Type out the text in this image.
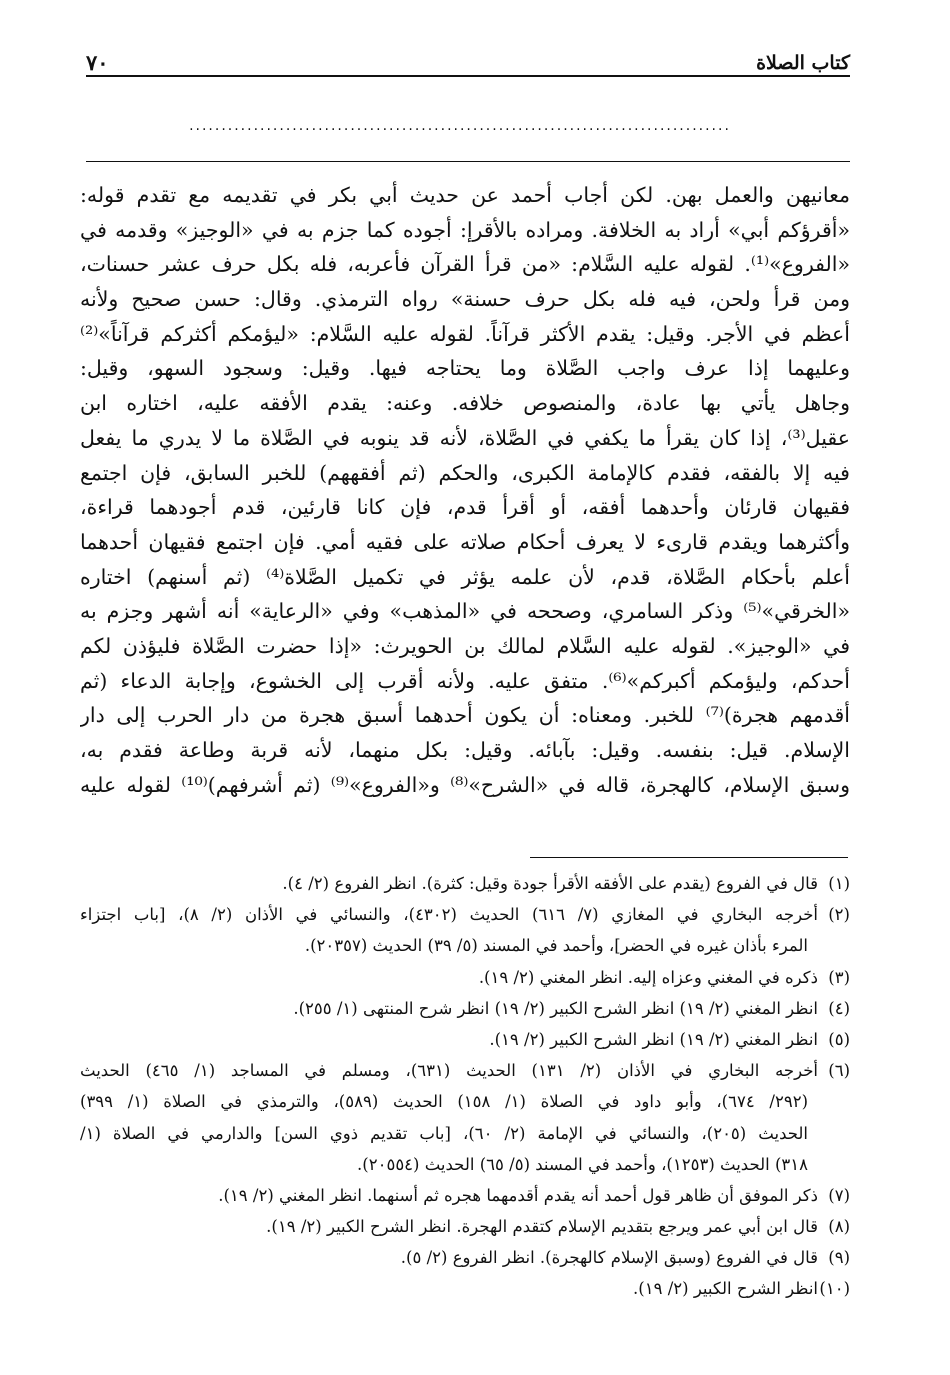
كتاب الصلاة
٧٠
....................................................................................
معانيهن والعمل بهن. لكن أجاب أحمد عن حديث أبي بكر في تقديمه مع تقدم قوله:
«أقرؤكم أبي» أراد به الخلافة. ومراده بالأقرإ: أجوده كما جزم به في «الوجيز» وقدمه في
«الفروع»⁽¹⁾. لقوله عليه السَّلام: «من قرأ القرآن فأعربه، فله بكل حرف عشر حسنات،
ومن قرأ ولحن، فيه فله بكل حرف حسنة» رواه الترمذي. وقال: حسن صحيح ولأنه
أعظم في الأجر. وقيل: يقدم الأكثر قرآناً. لقوله عليه السَّلام: «ليؤمكم أكثركم قرآناً»⁽²⁾
وعليهما إذا عرف واجب الصَّلاة وما يحتاجه فيها. وقيل: وسجود السهو، وقيل:
وجاهل يأتي بها عادة، والمنصوص خلافه. وعنه: يقدم الأفقه عليه، اختاره ابن
عقيل⁽³⁾، إذا كان يقرأ ما يكفي في الصَّلاة، لأنه قد ينوبه في الصَّلاة ما لا يدري ما يفعل
فيه إلا بالفقه، فقدم كالإمامة الكبرى، والحكم (ثم أفقههم) للخبر السابق، فإن اجتمع
فقيهان قارئان وأحدهما أفقه، أو أقرأ قدم، فإن كانا قارئين، قدم أجودهما قراءة،
وأكثرهما ويقدم قارىء لا يعرف أحكام صلاته على فقيه أمي. فإن اجتمع فقيهان أحدهما
أعلم بأحكام الصَّلاة، قدم، لأن علمه يؤثر في تكميل الصَّلاة⁽⁴⁾ (ثم أسنهم) اختاره
«الخرقي»⁽⁵⁾ وذكر السامري، وصححه في «المذهب» وفي «الرعاية» أنه أشهر وجزم به
في «الوجيز». لقوله عليه السَّلام لمالك بن الحويرث: «إذا حضرت الصَّلاة فليؤذن لكم
أحدكم، وليؤمكم أكبركم»⁽⁶⁾. متفق عليه. ولأنه أقرب إلى الخشوع، وإجابة الدعاء (ثم
أقدمهم هجرة)⁽⁷⁾ للخبر. ومعناه: أن يكون أحدهما أسبق هجرة من دار الحرب إلى دار
الإسلام. قيل: بنفسه. وقيل: بآبائه. وقيل: بكل منهما، لأنه قربة وطاعة فقدم به،
وسبق الإسلام، كالهجرة، قاله في «الشرح»⁽⁸⁾ و«الفروع»⁽⁹⁾ (ثم أشرفهم)⁽¹⁰⁾ لقوله عليه
(١)قال في الفروع (يقدم على الأفقه الأقرأ جودة وقيل: كثرة). انظر الفروع (٢/ ٤).
(٢)أخرجه البخاري في المغازي (٧/ ٦١٦) الحديث (٤٣٠٢)، والنسائي في الأذان (٢/ ٨)، [باب اجتزاء
المرء بأذان غيره في الحضر]، وأحمد في المسند (٥/ ٣٩) الحديث (٢٠٣٥٧).
(٣)ذكره في المغني وعزاه إليه. انظر المغني (٢/ ١٩).
(٤)انظر المغني (٢/ ١٩) انظر الشرح الكبير (٢/ ١٩) انظر شرح المنتهى (١/ ٢٥٥).
(٥)انظر المغني (٢/ ١٩) انظر الشرح الكبير (٢/ ١٩).
(٦)أخرجه البخاري في الأذان (٢/ ١٣١) الحديث (٦٣١)، ومسلم في المساجد (١/ ٤٦٥) الحديث
(٢٩٢/ ٦٧٤)، وأبو داود في الصلاة (١/ ١٥٨) الحديث (٥٨٩)، والترمذي في الصلاة (١/ ٣٩٩)
الحديث (٢٠٥)، والنسائي في الإمامة (٢/ ٦٠)، [باب تقديم ذوي السن] والدارمي في الصلاة (١/
٣١٨) الحديث (١٢٥٣)، وأحمد في المسند (٥/ ٦٥) الحديث (٢٠٥٥٤).
(٧)ذكر الموفق أن ظاهر قول أحمد أنه يقدم أقدمهما هجره ثم أسنهما. انظر المغني (٢/ ١٩).
(٨)قال ابن أبي عمر ويرجع بتقديم الإسلام كتقدم الهجرة. انظر الشرح الكبير (٢/ ١٩).
(٩)قال في الفروع (وسبق الإسلام كالهجرة). انظر الفروع (٢/ ٥).
(١٠)انظر الشرح الكبير (٢/ ١٩).
